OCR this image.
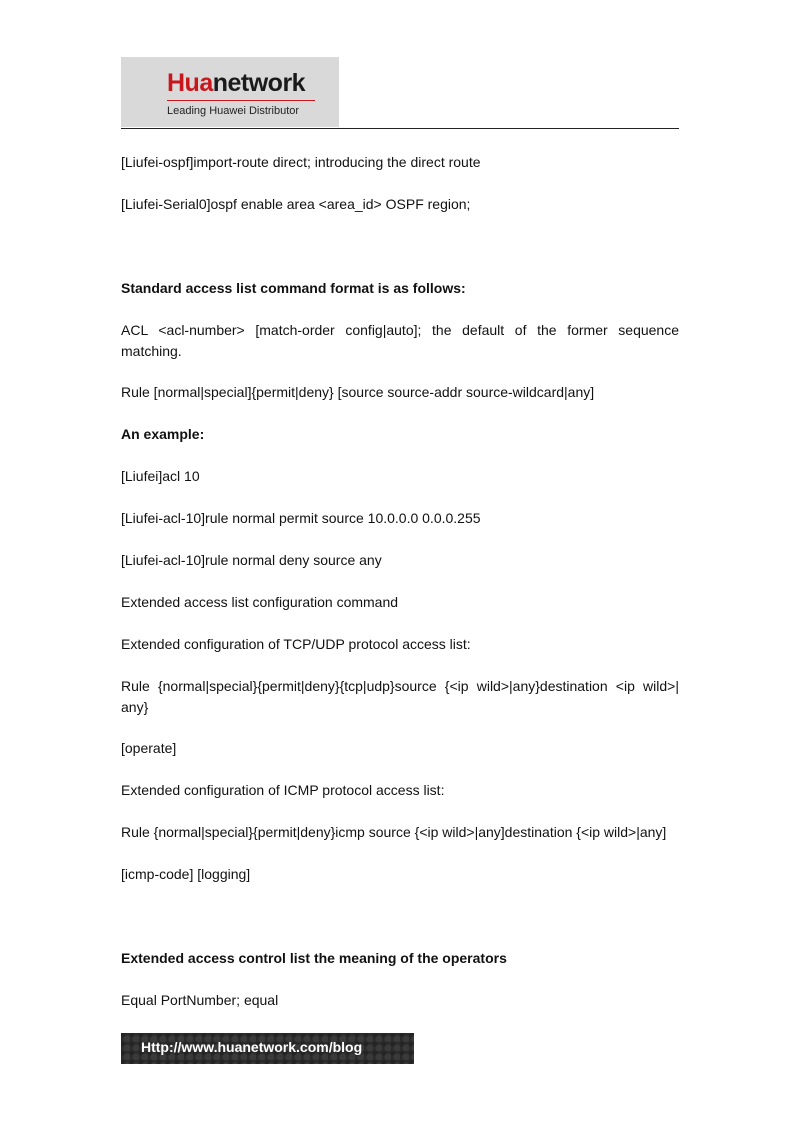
Huanetwork
Leading Huawei Distributor

[Liufei-ospf]import-route direct; introducing the direct route

[Liufei-Serial0]ospf enable area <area_id> OSPF region;

Standard access list command format is as follows:

ACL <acl-number> [match-order config|auto]; the default of the former sequence matching.

Rule [normal|special]{permit|deny} [source source-addr source-wildcard|any]

An example:

[Liufei]acl 10

[Liufei-acl-10]rule normal permit source 10.0.0.0 0.0.0.255

[Liufei-acl-10]rule normal deny source any

Extended access list configuration command

Extended configuration of TCP/UDP protocol access list:

Rule {normal|special}{permit|deny}{tcp|udp}source {<ip wild>|any}destination <ip wild>| any}

[operate]

Extended configuration of ICMP protocol access list:

Rule {normal|special}{permit|deny}icmp source {<ip wild>|any]destination {<ip wild>|any]

[icmp-code] [logging]

Extended access control list the meaning of the operators

Equal PortNumber; equal

Http://www.huanetwork.com/blog
